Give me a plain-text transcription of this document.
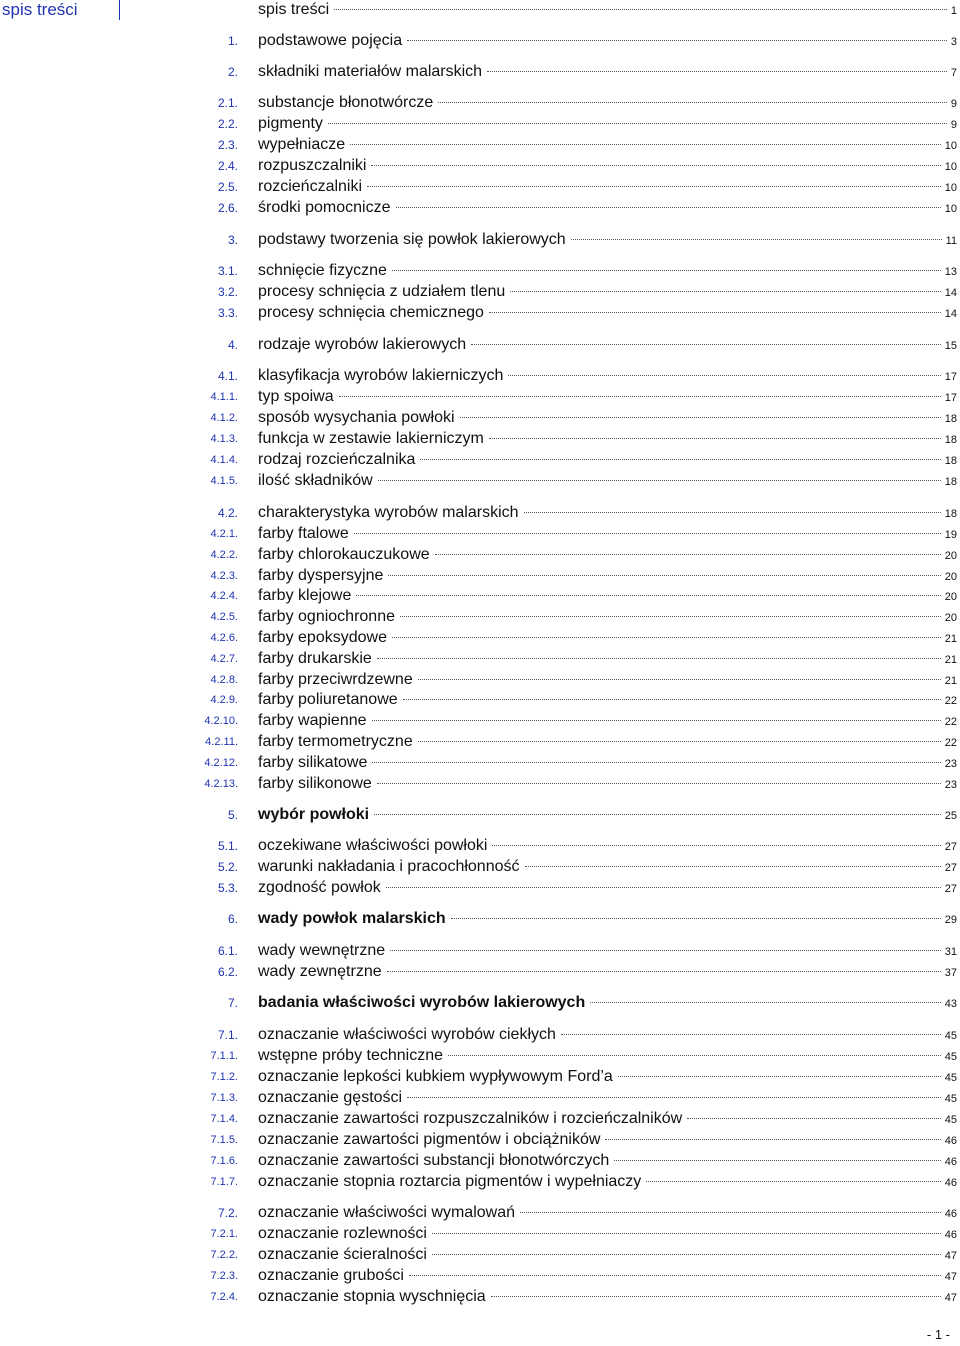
spis treści	spis treści	1
1. podstawowe pojęcia	3
2. składniki materiałów malarskich	7
2.1. substancje błonotwórcze	9
2.2. pigmenty	9
2.3. wypełniacze	10
2.4. rozpuszczalniki	10
2.5. rozcieńczalniki	10
2.6. środki pomocnicze	10
3. podstawy tworzenia się powłok lakierowych	11
3.1. schnięcie fizyczne	13
3.2. procesy schnięcia z udziałem tlenu	14
3.3. procesy schnięcia chemicznego	14
4. rodzaje wyrobów lakierowych	15
4.1. klasyfikacja wyrobów lakierniczych	17
4.1.1. typ spoiwa	17
4.1.2. sposób wysychania powłoki	18
4.1.3. funkcja w zestawie lakierniczym	18
4.1.4. rodzaj rozcieńczalnika	18
4.1.5. ilość składników	18
4.2. charakterystyka wyrobów malarskich	18
4.2.1. farby ftalowe	19
4.2.2. farby chlorokauczukowe	20
4.2.3. farby dyspersyjne	20
4.2.4. farby klejowe	20
4.2.5. farby ogniochronne	20
4.2.6. farby epoksydowe	21
4.2.7. farby drukarskie	21
4.2.8. farby przeciwrdzewne	21
4.2.9. farby poliuretanowe	22
4.2.10. farby wapienne	22
4.2.11. farby termometryczne	22
4.2.12. farby silikatowe	23
4.2.13. farby silikonowe	23
5. wybór powłoki	25
5.1. oczekiwane właściwości powłoki	27
5.2. warunki nakładania i pracochłonność	27
5.3. zgodność powłok	27
6. wady powłok malarskich	29
6.1. wady wewnętrzne	31
6.2. wady zewnętrzne	37
7. badania właściwości wyrobów lakierowych	43
7.1. oznaczanie właściwości wyrobów ciekłych	45
7.1.1. wstępne próby techniczne	45
7.1.2. oznaczanie lepkości kubkiem wypływowym Ford’a	45
7.1.3. oznaczanie gęstości	45
7.1.4. oznaczanie zawartości rozpuszczalników i rozcieńczalników	45
7.1.5. oznaczanie zawartości pigmentów i obciążników	46
7.1.6. oznaczanie zawartości substancji błonotwórczych	46
7.1.7. oznaczanie stopnia roztarcia pigmentów i wypełniaczy	46
7.2. oznaczanie właściwości wymalowań	46
7.2.1. oznaczanie rozlewności	46
7.2.2. oznaczanie ścieralności	47
7.2.3. oznaczanie grubości	47
7.2.4. oznaczanie stopnia wyschnięcia	47
- 1 -
